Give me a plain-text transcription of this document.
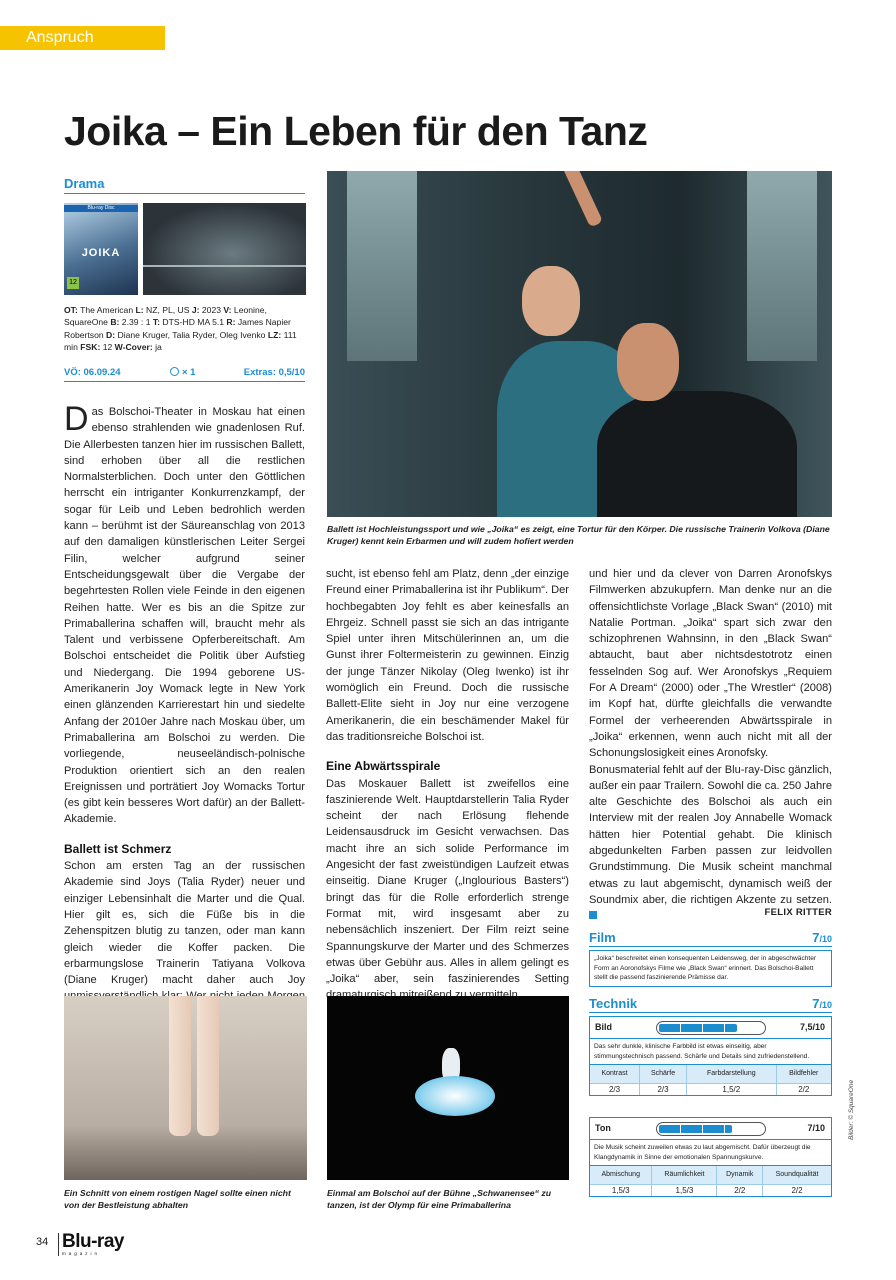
Anspruch
Joika – Ein Leben für den Tanz
Drama
Blu-ray Disc
JOIKA
12
OT: The American L: NZ, PL, US J: 2023 V: Leonine, SquareOne B: 2.39 : 1 T: DTS-HD MA 5.1 R: James Napier Robertson D: Diane Kruger, Talia Ryder, Oleg Ivenko LZ: 111 min FSK: 12 W-Cover: ja
VÖ: 06.09.24	× 1	Extras: 0,5/10

Das Bolschoi-Theater in Moskau hat einen ebenso strahlenden wie gnadenlosen Ruf. Die Allerbesten tanzen hier im russischen Ballett, sind erhoben über all die restlichen Normalsterblichen. Doch unter den Göttlichen herrscht ein intriganter Konkurrenzkampf, der sogar für Leib und Leben bedrohlich werden kann – berühmt ist der Säureanschlag von 2013 auf den damaligen künstlerischen Leiter Sergei Filin, welcher aufgrund seiner Entscheidungsgewalt über die Vergabe der begehrtesten Rollen viele Feinde in den eigenen Reihen hatte. Wer es bis an die Spitze zur Primaballerina schaffen will, braucht mehr als Talent und verbissene Opferbereitschaft. Am Bolschoi entscheidet die Politik über Aufstieg und Niedergang. Die 1994 geborene US-Amerikanerin Joy Womack legte in New York einen glänzenden Karrierestart hin und siedelte Anfang der 2010er Jahre nach Moskau über, um Primaballerina am Bolschoi zu werden. Die vorliegende, neuseeländisch-polnische Produktion orientiert sich an den realen Ereignissen und porträtiert Joy Womacks Tortur (es gibt kein besseres Wort dafür) an der Ballett-Akademie.

Ballett ist Schmerz

Schon am ersten Tag an der russischen Akademie sind Joys (Talia Ryder) neuer und einziger Lebensinhalt die Marter und die Qual. Hier gilt es, sich die Füße bis in die Zehenspitzen blutig zu tanzen, oder man kann gleich wieder die Koffer packen. Die erbarmungslose Trainerin Tatiyana Volkova (Diane Kruger) macht daher auch Joy

Ballett ist Hochleistungssport und wie „Joika“ es zeigt, eine Tortur für den Körper. Die russische Trainerin Volkova (Diane Kruger) kennt kein Erbarmen und will zudem hofiert werden

sucht, ist ebenso fehl am Platz, denn „der einzige Freund einer Primaballerina ist ihr Publikum“. Der hochbegabten Joy fehlt es aber keinesfalls an Ehrgeiz. Schnell passt sie sich an das intrigante Spiel unter ihren Mitschülerinnen an, um die Gunst ihrer Foltermeisterin zu gewinnen. Einzig der junge Tänzer Nikolay (Oleg Iwenko) ist ihr womöglich ein Freund. Doch die russische Ballett-Elite sieht in Joy nur eine verzogene Amerikanerin, die ein beschämender Makel für das traditionsreiche Bolschoi ist.

Eine Abwärtsspirale

Das Moskauer Ballett ist zweifellos eine faszinierende Welt. Hauptdarstellerin Talia Ryder scheint der nach Erlösung flehende Leidensausdruck im Gesicht verwachsen. Das macht ihre an sich solide Performance im Angesicht der fast zweistündigen Laufzeit etwas einseitig. Diane Kruger („Inglourious Basters“) bringt das für die Rolle erforderlich strenge Format mit, wird insgesamt aber zu nebensächlich inszeniert. Der Film reizt seine Spannungskurve der Marter und des Schmerzes etwas über Gebühr aus. Alles in allem gelingt es „Joika“ aber, sein faszinierendes Setting

und hier und da clever von Darren Aronofskys Filmwerken abzukupfern. Man denke nur an die offensichtlichste Vorlage „Black Swan“ (2010) mit Natalie Portman. „Joika“ spart sich zwar den schizophrenen Wahnsinn, in den „Black Swan“ abtaucht, baut aber nichtsdestotrotz einen fesselnden Sog auf. Wer Aronofskys „Requiem For A Dream“ (2000) oder „The Wrestler“ (2008) im Kopf hat, dürfte gleichfalls die verwandte Formel der verheerenden Abwärtsspirale in „Joika“ erkennen, wenn auch nicht mit all der Schonungslosigkeit eines Aronofsky.

Bonusmaterial fehlt auf der Blu-ray-Disc gänzlich, außer ein paar Trailern. Sowohl die ca. 250 Jahre alte Geschichte des Bolschoi als auch ein Interview mit der realen Joy Annabelle Womack hätten hier Potential gehabt. Die klinisch abgedunkelten Farben passen zur leidvollen Grundstimmung. Die Musik scheint manchmal etwas zu laut abgemischt, dynamisch weiß der Soundmix aber, die richtigen Akzente zu setzen.

FELIX RITTER
Film	7/10
„Joika“ beschreitet einen konsequenten Leidensweg, der in abgeschwächter Form an Aoronofskys Filme wie „Black Swan“ erinnert. Das Bolschoi-Ballett stellt die passend faszinierende Prämisse dar.
Technik	7/10
Bild	7,5/10
Das sehr dunkle, klinische Farbbild ist etwas einseitig, aber stimmungstechnisch passend. Schärfe und Details sind zufriedenstellend.
Kontrast	Schärfe	Farbdarstellung	Bildfehler
2/3	2/3	1,5/2	2/2
Ton	7/10
Die Musik scheint zuweilen etwas zu laut abgemischt. Dafür überzeugt die Klangdynamik in Sinne der emotionalen Spannungskurve.
Abmischung	Räumlichkeit	Dynamik	Soundqualität
1,5/3	1,5/3	2/2	2/2
Ein Schnitt von einem rostigen Nagel sollte einen nicht von der Bestleistung abhalten
Einmal am Bolschoi auf der Bühne „Schwanensee“ zu tanzen, ist der Olymp für eine Primaballerina
34 Blu-ray
magazin
Bilder: © SquareOne
